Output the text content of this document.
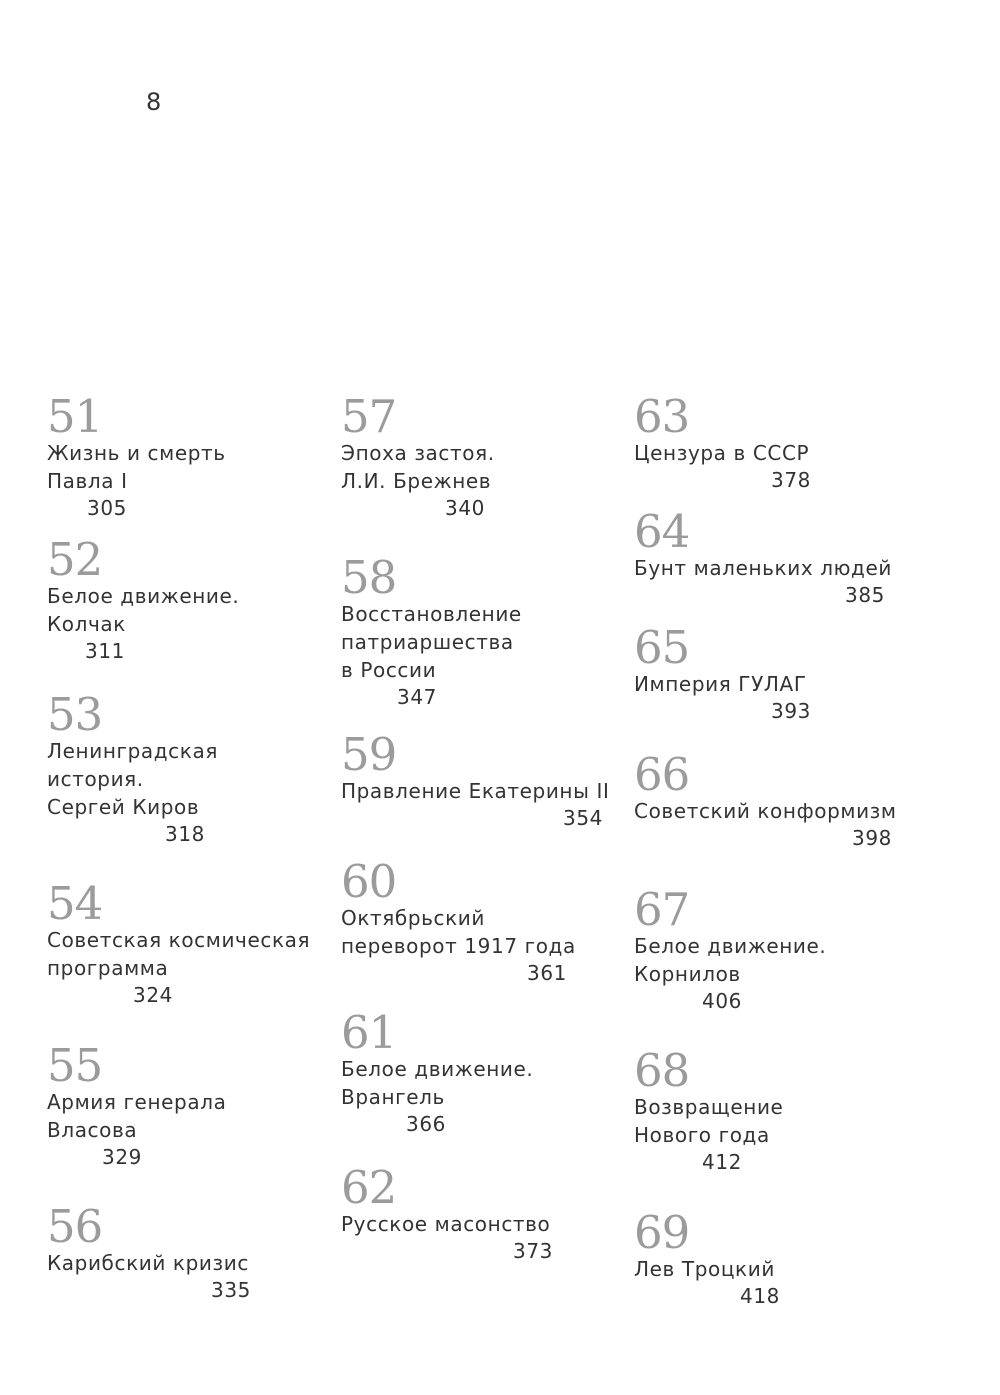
8
51
Жизнь и смерть
Павла I
305
52
Белое движение.
Колчак
311
53
Ленинградская
история.
Сергей Киров
318
54
Советская космическая
программа
324
55
Армия генерала
Власова
329
56
Карибский кризис
335
57
Эпоха застоя.
Л.И. Брежнев
340
58
Восстановление
патриаршества
в России
347
59
Правление Екатерины II
354
60
Октябрьский
переворот 1917 года
361
61
Белое движение.
Врангель
366
62
Русское масонство
373
63
Цензура в СССР
378
64
Бунт маленьких людей
385
65
Империя ГУЛАГ
393
66
Советский конформизм
398
67
Белое движение.
Корнилов
406
68
Возвращение
Нового года
412
69
Лев Троцкий
418
